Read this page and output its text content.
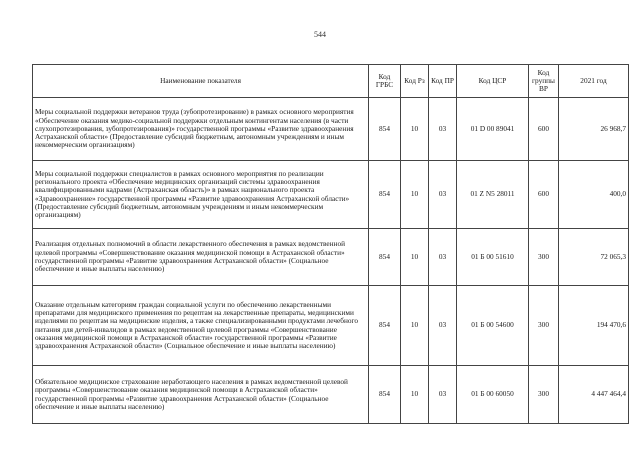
544
Наименование показателя	Код ГРБС	Код Рз	Код ПР	Код ЦСР	Код группы ВР	2021 год
Меры социальной поддержки ветеранов труда (зубопротезирование) в рамках основного мероприятия «Обеспечение оказания медико-социальной поддержки отдельным контингентам населения (в части слухопротезирования, зубопротезирования)» государственной программы «Развитие здравоохранения Астраханской области» (Предоставление субсидий бюджетным, автономным учреждениям и иным некоммерческим организациям)	854	10	03	01 D 00 89041	600	26 968,7
Меры социальной поддержки специалистов в рамках основного мероприятия по реализации регионального проекта «Обеспечение медицинских организаций системы здравоохранения квалифицированными кадрами (Астраханская область)» в рамках национального проекта «Здравоохранение» государственной программы «Развитие здравоохранения Астраханской области» (Предоставление субсидий бюджетным, автономным учреждениям и иным некоммерческим организациям)	854	10	03	01 Z N5 28011	600	400,0
Реализация отдельных полномочий в области лекарственного обеспечения в рамках ведомственной целевой программы «Совершенствование оказания медицинской помощи в Астраханской области» государственной программы «Развитие здравоохранения Астраханской области» (Социальное обеспечение и иные выплаты населению)	854	10	03	01 Б 00 51610	300	72 065,3
Оказание отдельным категориям граждан социальной услуги по обеспечению лекарственными препаратами для медицинского применения по рецептам на лекарственные препараты, медицинскими изделиями по рецептам на медицинские изделия, а также специализированными продуктами лечебного питания для детей-инвалидов в рамках ведомственной целевой программы «Совершенствование оказания медицинской помощи в Астраханской области» государственной программы «Развитие здравоохранения Астраханской области» (Социальное обеспечение и иные выплаты населению)	854	10	03	01 Б 00 54600	300	194 470,6
Обязательное медицинское страхование неработающего населения в рамках ведомственной целевой программы «Совершенствование оказания медицинской помощи в Астраханской области» государственной программы «Развитие здравоохранения Астраханской области» (Социальное обеспечение и иные выплаты населению)	854	10	03	01 Б 00 60050	300	4 447 464,4
